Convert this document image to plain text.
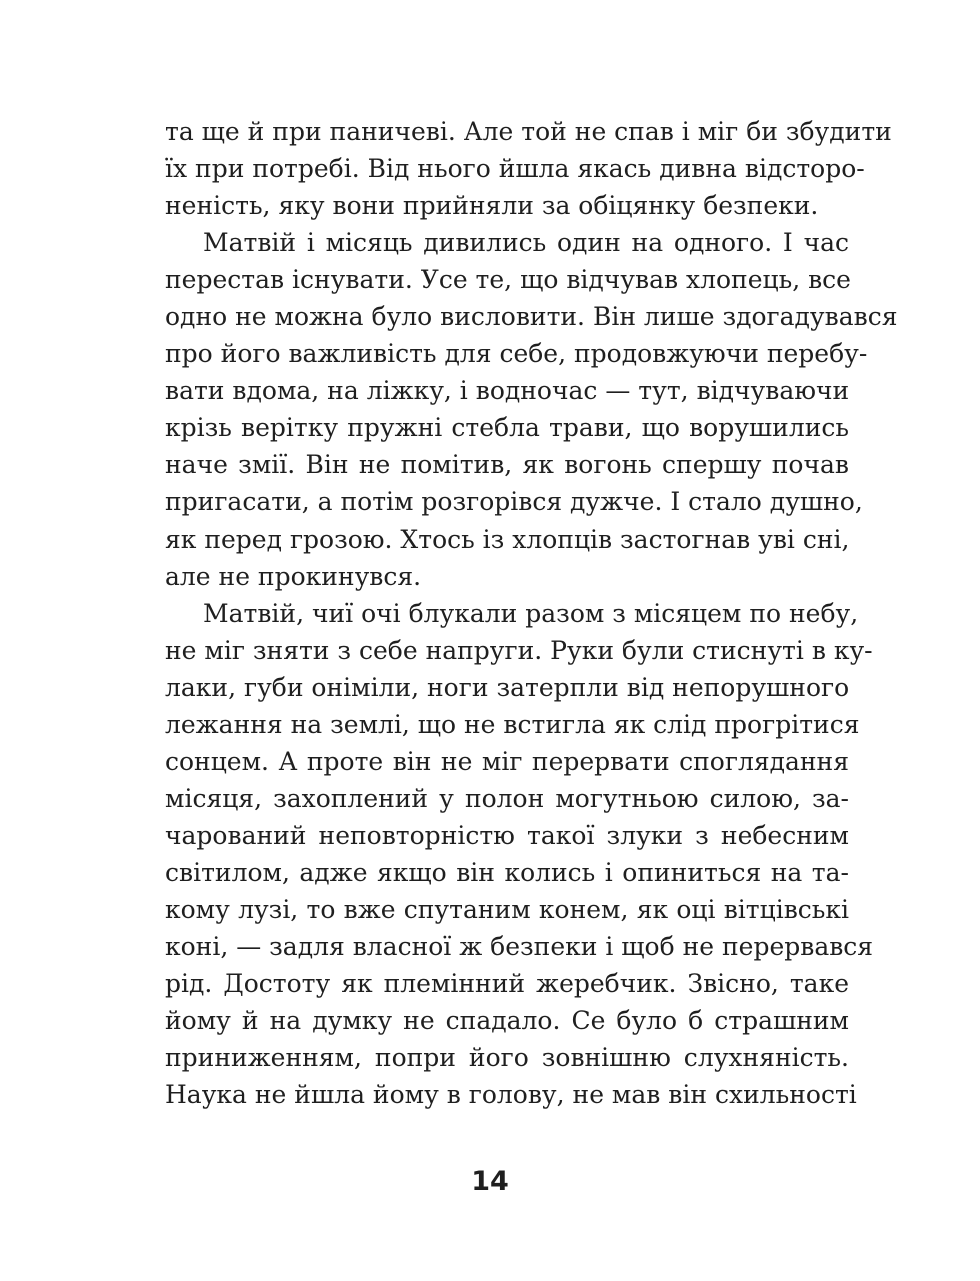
та ще й при паничеві. Але той не спав і міг би збудити
їх при потребі. Від нього йшла якась дивна відсторо-
неність, яку вони прийняли за обіцянку безпеки.
Матвій і місяць дивились один на одного. І час
перестав існувати. Усе те, що відчував хлопець, все
одно не можна було висловити. Він лише здогадувався
про його важливість для себе, продовжуючи перебу-
вати вдома, на ліжку, і водночас — тут, відчуваючи
крізь верітку пружні стебла трави, що ворушились
наче змії. Він не помітив, як вогонь спершу почав
пригасати, а потім розгорівся дужче. І стало душно,
як перед грозою. Хтось із хлопців застогнав уві сні,
але не прокинувся.
Матвій, чиї очі блукали разом з місяцем по небу,
не міг зняти з себе напруги. Руки були стиснуті в ку-
лаки, губи оніміли, ноги затерпли від непорушного
лежання на землі, що не встигла як слід прогрітися
сонцем. А проте він не міг перервати споглядання
місяця, захоплений у полон могутньою силою, за-
чарований неповторністю такої злуки з небесним
світилом, адже якщо він колись і опиниться на та-
кому лузі, то вже спутаним конем, як оці вітцівські
коні, — задля власної ж безпеки і щоб не перервався
рід. Достоту як племінний жеребчик. Звісно, таке
йому й на думку не спадало. Се було б страшним
приниженням, попри його зовнішню слухняність.
Наука не йшла йому в голову, не мав він схильності
14
